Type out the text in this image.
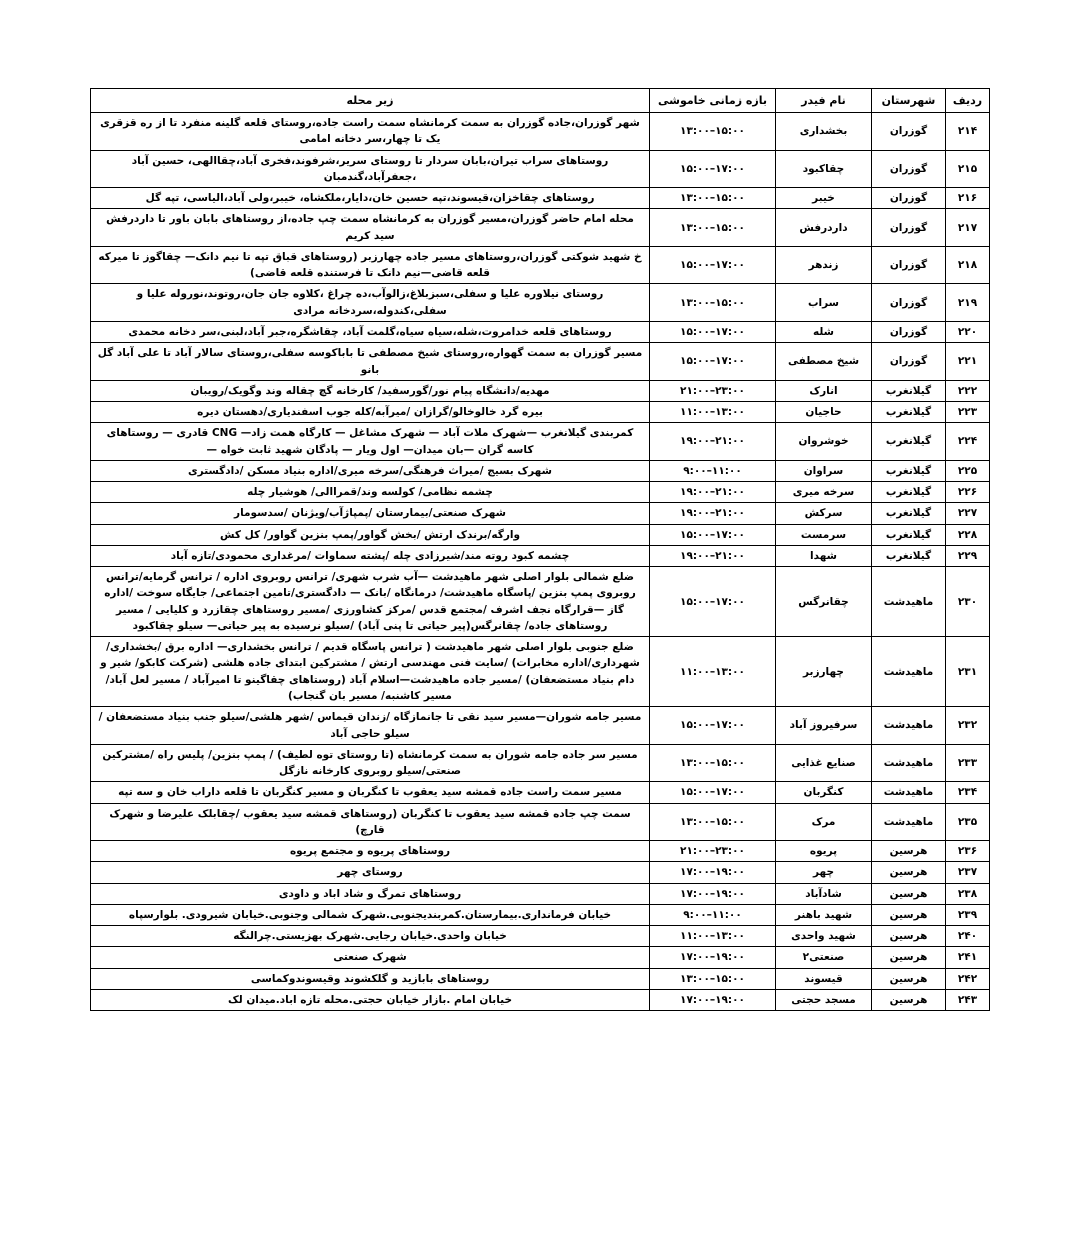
ردیف	شهرستان	نام فیدر	بازه زمانی خاموشی	زیر محله
۲۱۴	گوزران	بخشداری	۱۳:۰۰–۱۵:۰۰	شهر گوزران،جاده گوزران به سمت کرمانشاه سمت راست جاده،روستای قلعه گلینه منفرد تا از ره قزقری یک تا چهار،سر دخانه امامی
۲۱۵	گوزران	چقاکبود	۱۵:۰۰–۱۷:۰۰	روستاهای سراب تیران،بابان سردار تا روستای سریر،شرفوند،فخری آباد،چقاالهی، حسین آباد ،جعفرآباد،گندمبان
۲۱۶	گوزران	خیبر	۱۳:۰۰–۱۵:۰۰	روستاهای چقاخزان،قیسوند،تپه حسین خان،دایار،ملکشاه، خیبر،ولی آباد،الیاسی، تپه گل
۲۱۷	گوزران	داردرفش	۱۳:۰۰–۱۵:۰۰	محله امام حاضر گوزران،مسیر گوزران به کرمانشاه سمت چپ جاده،از روستاهای بابان باور تا داردرفش سید کریم
۲۱۸	گوزران	زندهر	۱۵:۰۰–۱۷:۰۰	خ شهید شوکتی گوزران،روستاهای مسیر جاده چهارزبر (روستاهای قباق تپه تا نیم دانک— چقاگوز تا میرکه قلعه قاضی—نیم دانک تا فرستنده قلعه قاضی)
۲۱۹	گوزران	سراب	۱۳:۰۰–۱۵:۰۰	روستای نیلاوره علیا و سفلی،سبزبلاغ،زالوآب،ده چراغ ،کلاوه جان جان،روتوند،نوروله علیا و سفلی،کندوله،سردخانه مرادی
۲۲۰	گوزران	شله	۱۵:۰۰–۱۷:۰۰	روستاهای قلعه خدامروت،شله،سیاه سیاه،گلمت آباد، چقاشگره،جبر آباد،لبنی،سر دخانه محمدی
۲۲۱	گوزران	شیخ مصطفی	۱۵:۰۰–۱۷:۰۰	مسیر گوزران به سمت گهواره،روستای شیخ مصطفی تا باباکوسه سفلی،روستای سالار آباد تا علی آباد گل بانو
۲۲۲	گیلانغرب	انارک	۲۱:۰۰–۲۳:۰۰	مهدیه/دانشگاه پیام نور/گورسفید/ کارخانه گچ چقاله وند وگویک/رویبان
۲۲۳	گیلانغرب	حاجیان	۱۱:۰۰–۱۳:۰۰	بیره گرد خالوخالو/گرازان /میرآبه/کله جوب اسفندیاری/دهستان دیره
۲۲۴	گیلانغرب	خوشروان	۱۹:۰۰–۲۱:۰۰	کمربندی گیلانغرب —شهرک ملات آباد — شهرک مشاغل — کارگاه همت زاد— CNG قادری — روستاهای کاسه گران —بان میدان— اول ویار — پادگان شهید ثابت خواه —
۲۲۵	گیلانغرب	سراوان	۹:۰۰–۱۱:۰۰	شهرک بسیج /میراث فرهنگی/سرخه میری/اداره بنیاد مسکن /دادگستری
۲۲۶	گیلانغرب	سرخه میری	۱۹:۰۰–۲۱:۰۰	چشمه نظامی/ کولسه وند/قمراالی/ هوشیار چله
۲۲۷	گیلانغرب	سرکش	۱۹:۰۰–۲۱:۰۰	شهرک صنعتی/بیمارستان /پمپاژآب/ویژنان /سدسومار
۲۲۸	گیلانغرب	سرمست	۱۵:۰۰–۱۷:۰۰	وارگه/برندک ارتش /بخش گواور/پمپ بنزین گواور/ کل کش
۲۲۹	گیلانغرب	شهدا	۱۹:۰۰–۲۱:۰۰	چشمه کبود روته مند/شیرزادی چله /پشته سماوات /مرغداری محمودی/تازه آباد
۲۳۰	ماهیدشت	چقانرگس	۱۵:۰۰–۱۷:۰۰	ضلع شمالی بلوار اصلی شهر ماهیدشت —آب شرب شهری/ ترانس روبروی اداره / ترانس گرمایه/ترانس روبروی پمپ بنزین /پاسگاه ماهیدشت/ درمانگاه /بانک — دادگستری/تامین اجتماعی/ جایگاه سوخت /اداره گاز —قرارگاه نجف اشرف /مجتمع قدس /مرکز کشاورزی /مسیر روستاهای چقازرد و کلیایی / مسیر روستاهای جاده/ چقانرگس(پیر حیاتی تا پنی آباد) /سیلو نرسیده به پیر حیاتی— سیلو چقاکبود
۲۳۱	ماهیدشت	چهارزبر	۱۱:۰۰–۱۳:۰۰	ضلع جنوبی بلوار اصلی شهر ماهیدشت ( ترانس پاسگاه قدیم / ترانس بخشداری— اداره برق /بخشداری/شهرداری/اداره مخابرات) /سایت فنی مهندسی ارتش / مشترکین ابتدای جاده هلشی (شرکت کابکو/ شیر و دام بنیاد مستضعفان) /مسیر جاده ماهیدشت—اسلام آباد (روستاهای چقاگینو تا امیرآباد / مسیر لعل آباد/مسیر کاشنبه/ مسیر بان گنجاب)
۲۳۲	ماهیدشت	سرفیروز آباد	۱۵:۰۰–۱۷:۰۰	مسیر جامه شوران—مسیر سید نقی تا جانمازگاه /زندان قیماس /شهر هلشی/سیلو جنب بنیاد مستضعفان / سیلو حاجی آباد
۲۳۳	ماهیدشت	صنایع غذایی	۱۳:۰۰–۱۵:۰۰	مسیر سر جاده جامه شوران به سمت کرمانشاه (تا روستای توه لطیف) / پمپ بنزین/ پلیس راه /مشترکین صنعتی/سیلو روبروی کارخانه نازگل
۲۳۴	ماهیدشت	کنگربان	۱۵:۰۰–۱۷:۰۰	مسیر سمت راست جاده قمشه سید یعقوب تا کنگربان و مسیر کنگربان تا قلعه داراب خان و سه تپه
۲۳۵	ماهیدشت	مرک	۱۳:۰۰–۱۵:۰۰	سمت چپ جاده قمشه سید یعقوب تا کنگربان (روستاهای قمشه سید یعقوب /چقابلک علیرضا و شهرک قارچ)
۲۳۶	هرسین	پریوه	۲۱:۰۰–۲۳:۰۰	روستاهای پریوه و مجتمع پریوه
۲۳۷	هرسین	چهر	۱۷:۰۰–۱۹:۰۰	روستای چهر
۲۳۸	هرسین	شادآباد	۱۷:۰۰–۱۹:۰۰	روستاهای تمرگ و شاد اباد و داودی
۲۳۹	هرسین	شهید باهنر	۹:۰۰–۱۱:۰۰	خیابان فرمانداری.بیمارستان.کمربندیجنوبی.شهرک شمالی وجنوبی.خیابان شیرودی. بلوارسپاه
۲۴۰	هرسین	شهید واحدی	۱۱:۰۰–۱۳:۰۰	خیابان واحدی.خیابان رجایی.شهرک بهزیستی.چرالنگه
۲۴۱	هرسین	صنعتی۲	۱۷:۰۰–۱۹:۰۰	شهرک صنعتی
۲۴۲	هرسین	قیسوند	۱۳:۰۰–۱۵:۰۰	روستاهای بابازید و گلکشوند وقیسوندوکماسی
۲۴۳	هرسین	مسجد حجتی	۱۷:۰۰–۱۹:۰۰	خیابان امام .بازار خیابان حجتی.محله تازه اباد.میدان لک
